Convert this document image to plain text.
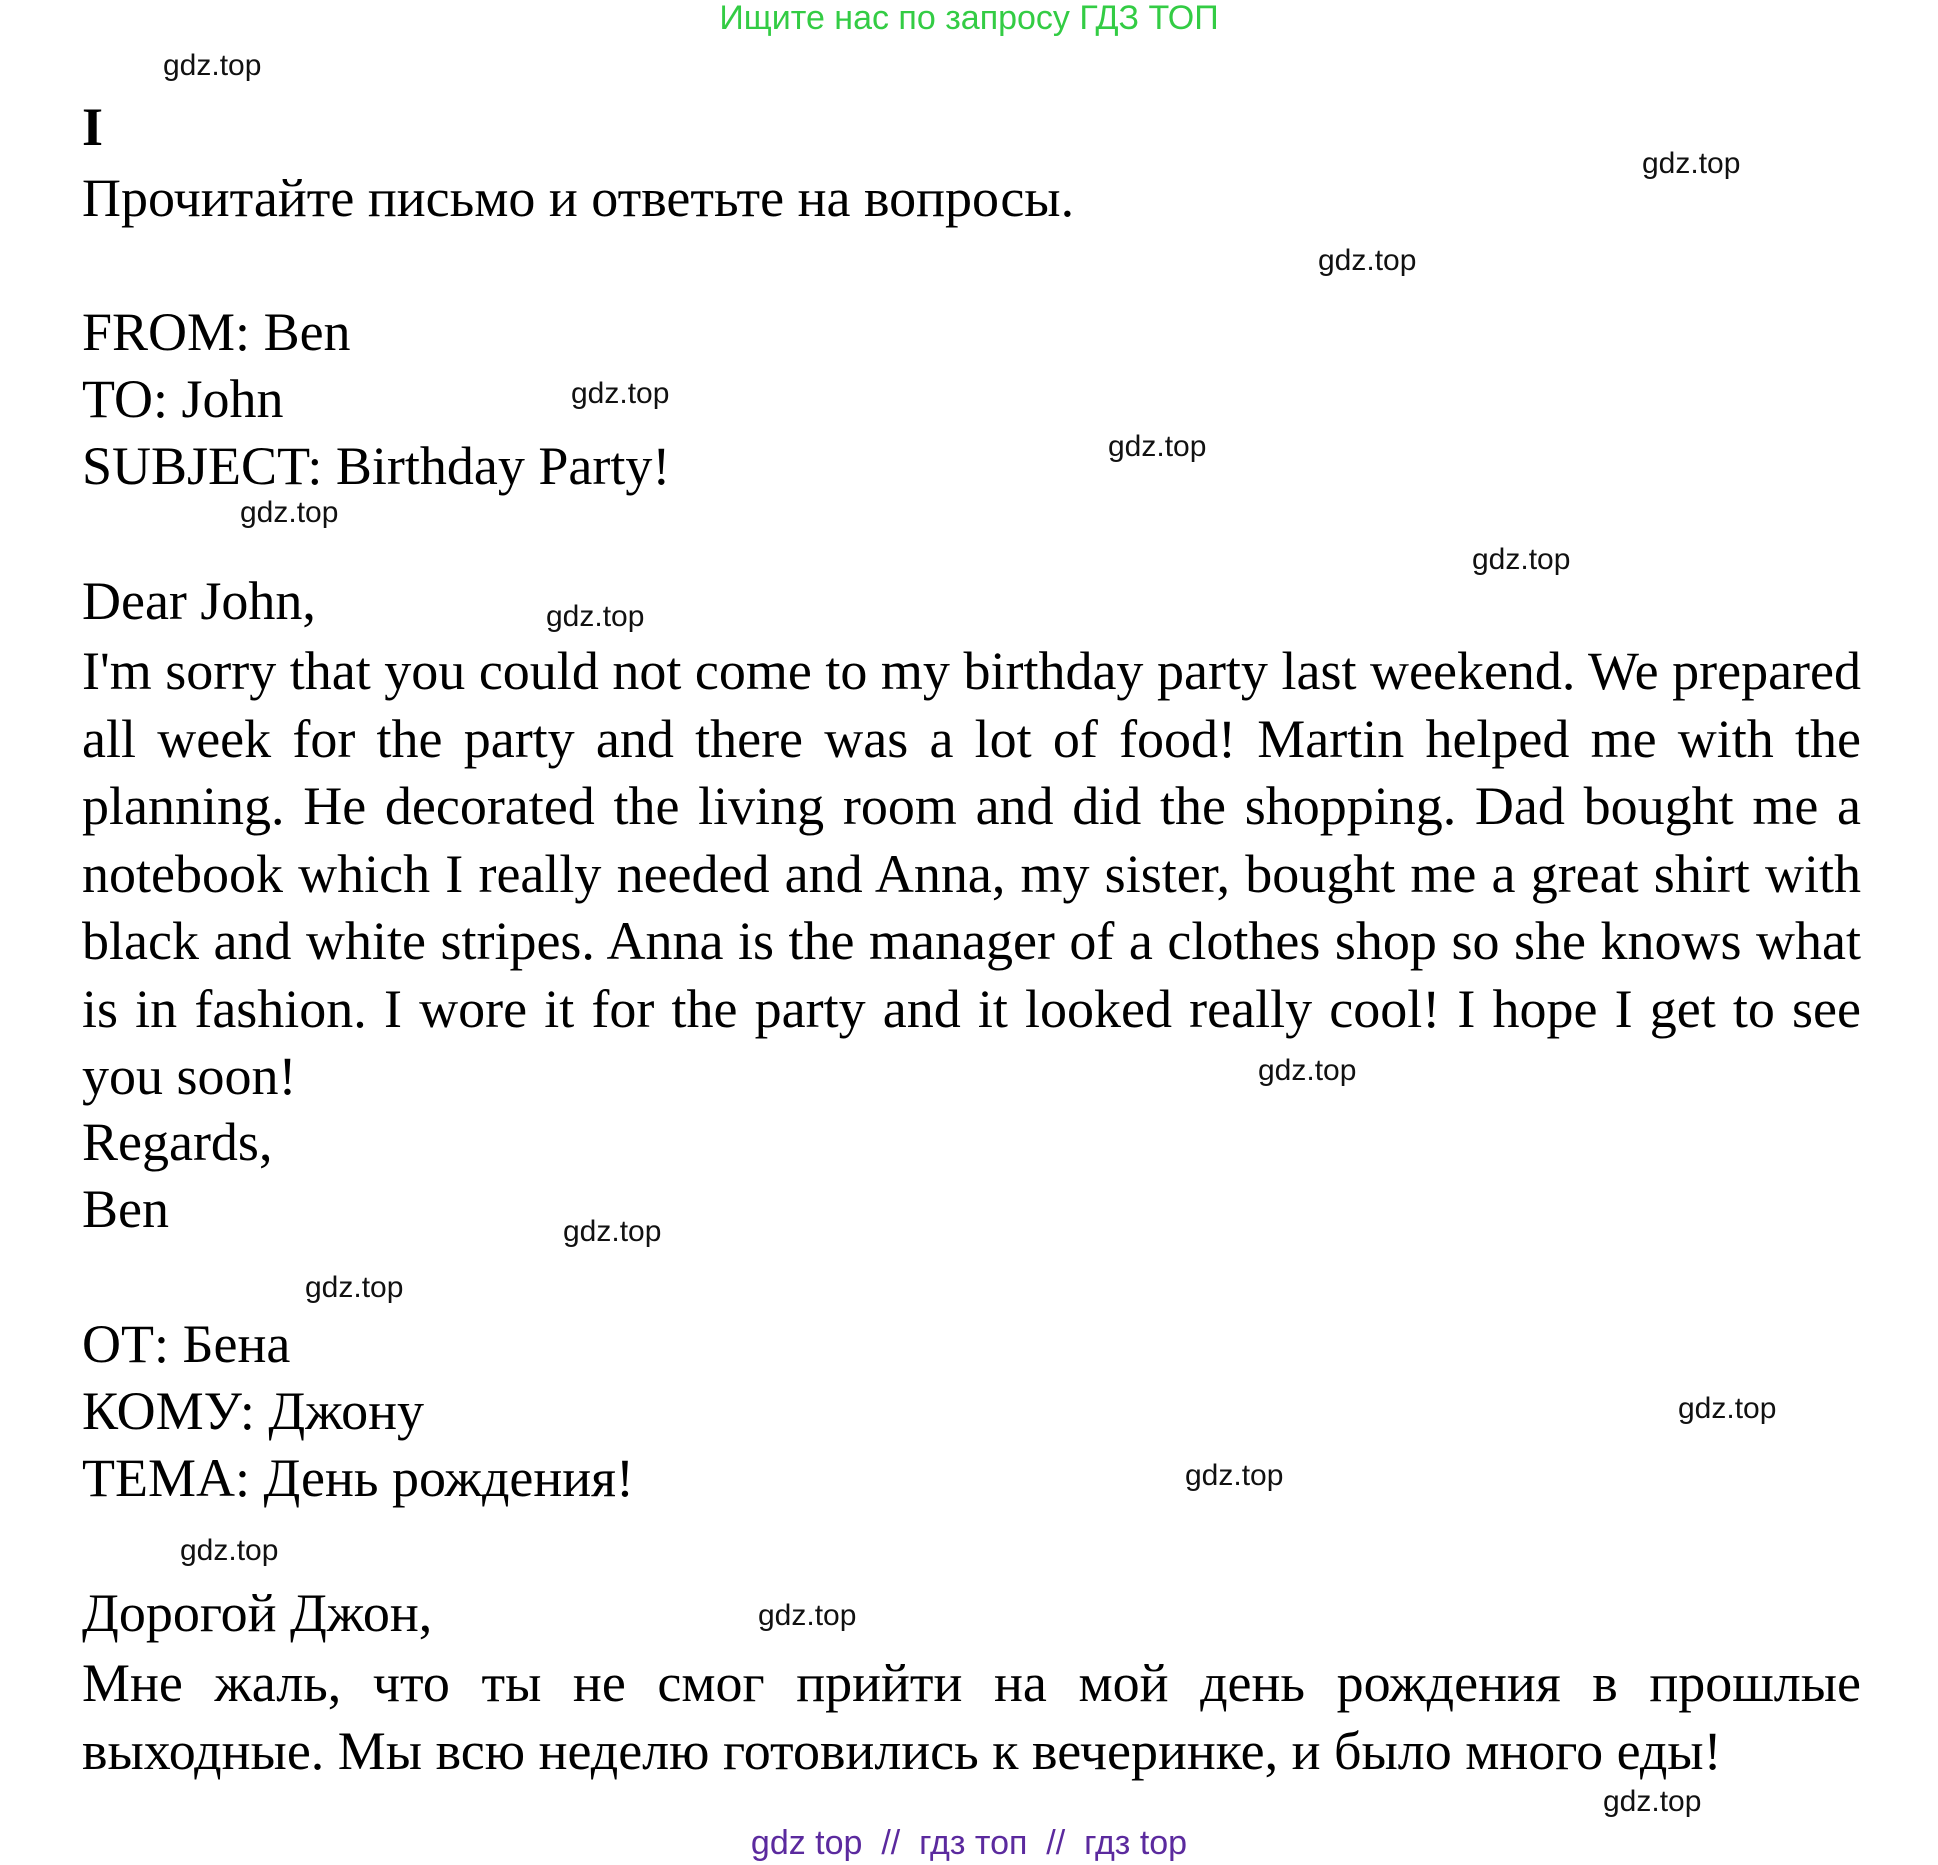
Ищите нас по запросу ГДЗ ТОП
I
Прочитайте письмо и ответьте на вопросы.
FROM: Ben
TO: John
SUBJECT: Birthday Party!
Dear John,

I'm sorry that you could not come to my birthday party last weekend. We prepared all week for the party and there was a lot of food! Martin helped me with the planning. He decorated the living room and did the shopping. Dad bought me a notebook which I really needed and Anna, my sister, bought me a great shirt with black and white stripes. Anna is the manager of a clothes shop so she knows what is in fashion. I wore it for the party and it looked really cool! I hope I get to see you soon!

Regards,
Ben
ОТ: Бена
КОМУ: Джону
ТЕМА: День рождения!
Дорогой Джон,

Мне жаль, что ты не смог прийти на мой день рождения в прошлые выходные. Мы всю неделю готовились к вечеринке, и было много еды!

gdz.top
gdz.top
gdz.top
gdz.top
gdz.top
gdz.top
gdz.top
gdz.top
gdz.top
gdz.top
gdz.top
gdz.top
gdz.top
gdz.top
gdz.top
gdz.top
gdz top  //  гдз топ  //  гдз top
